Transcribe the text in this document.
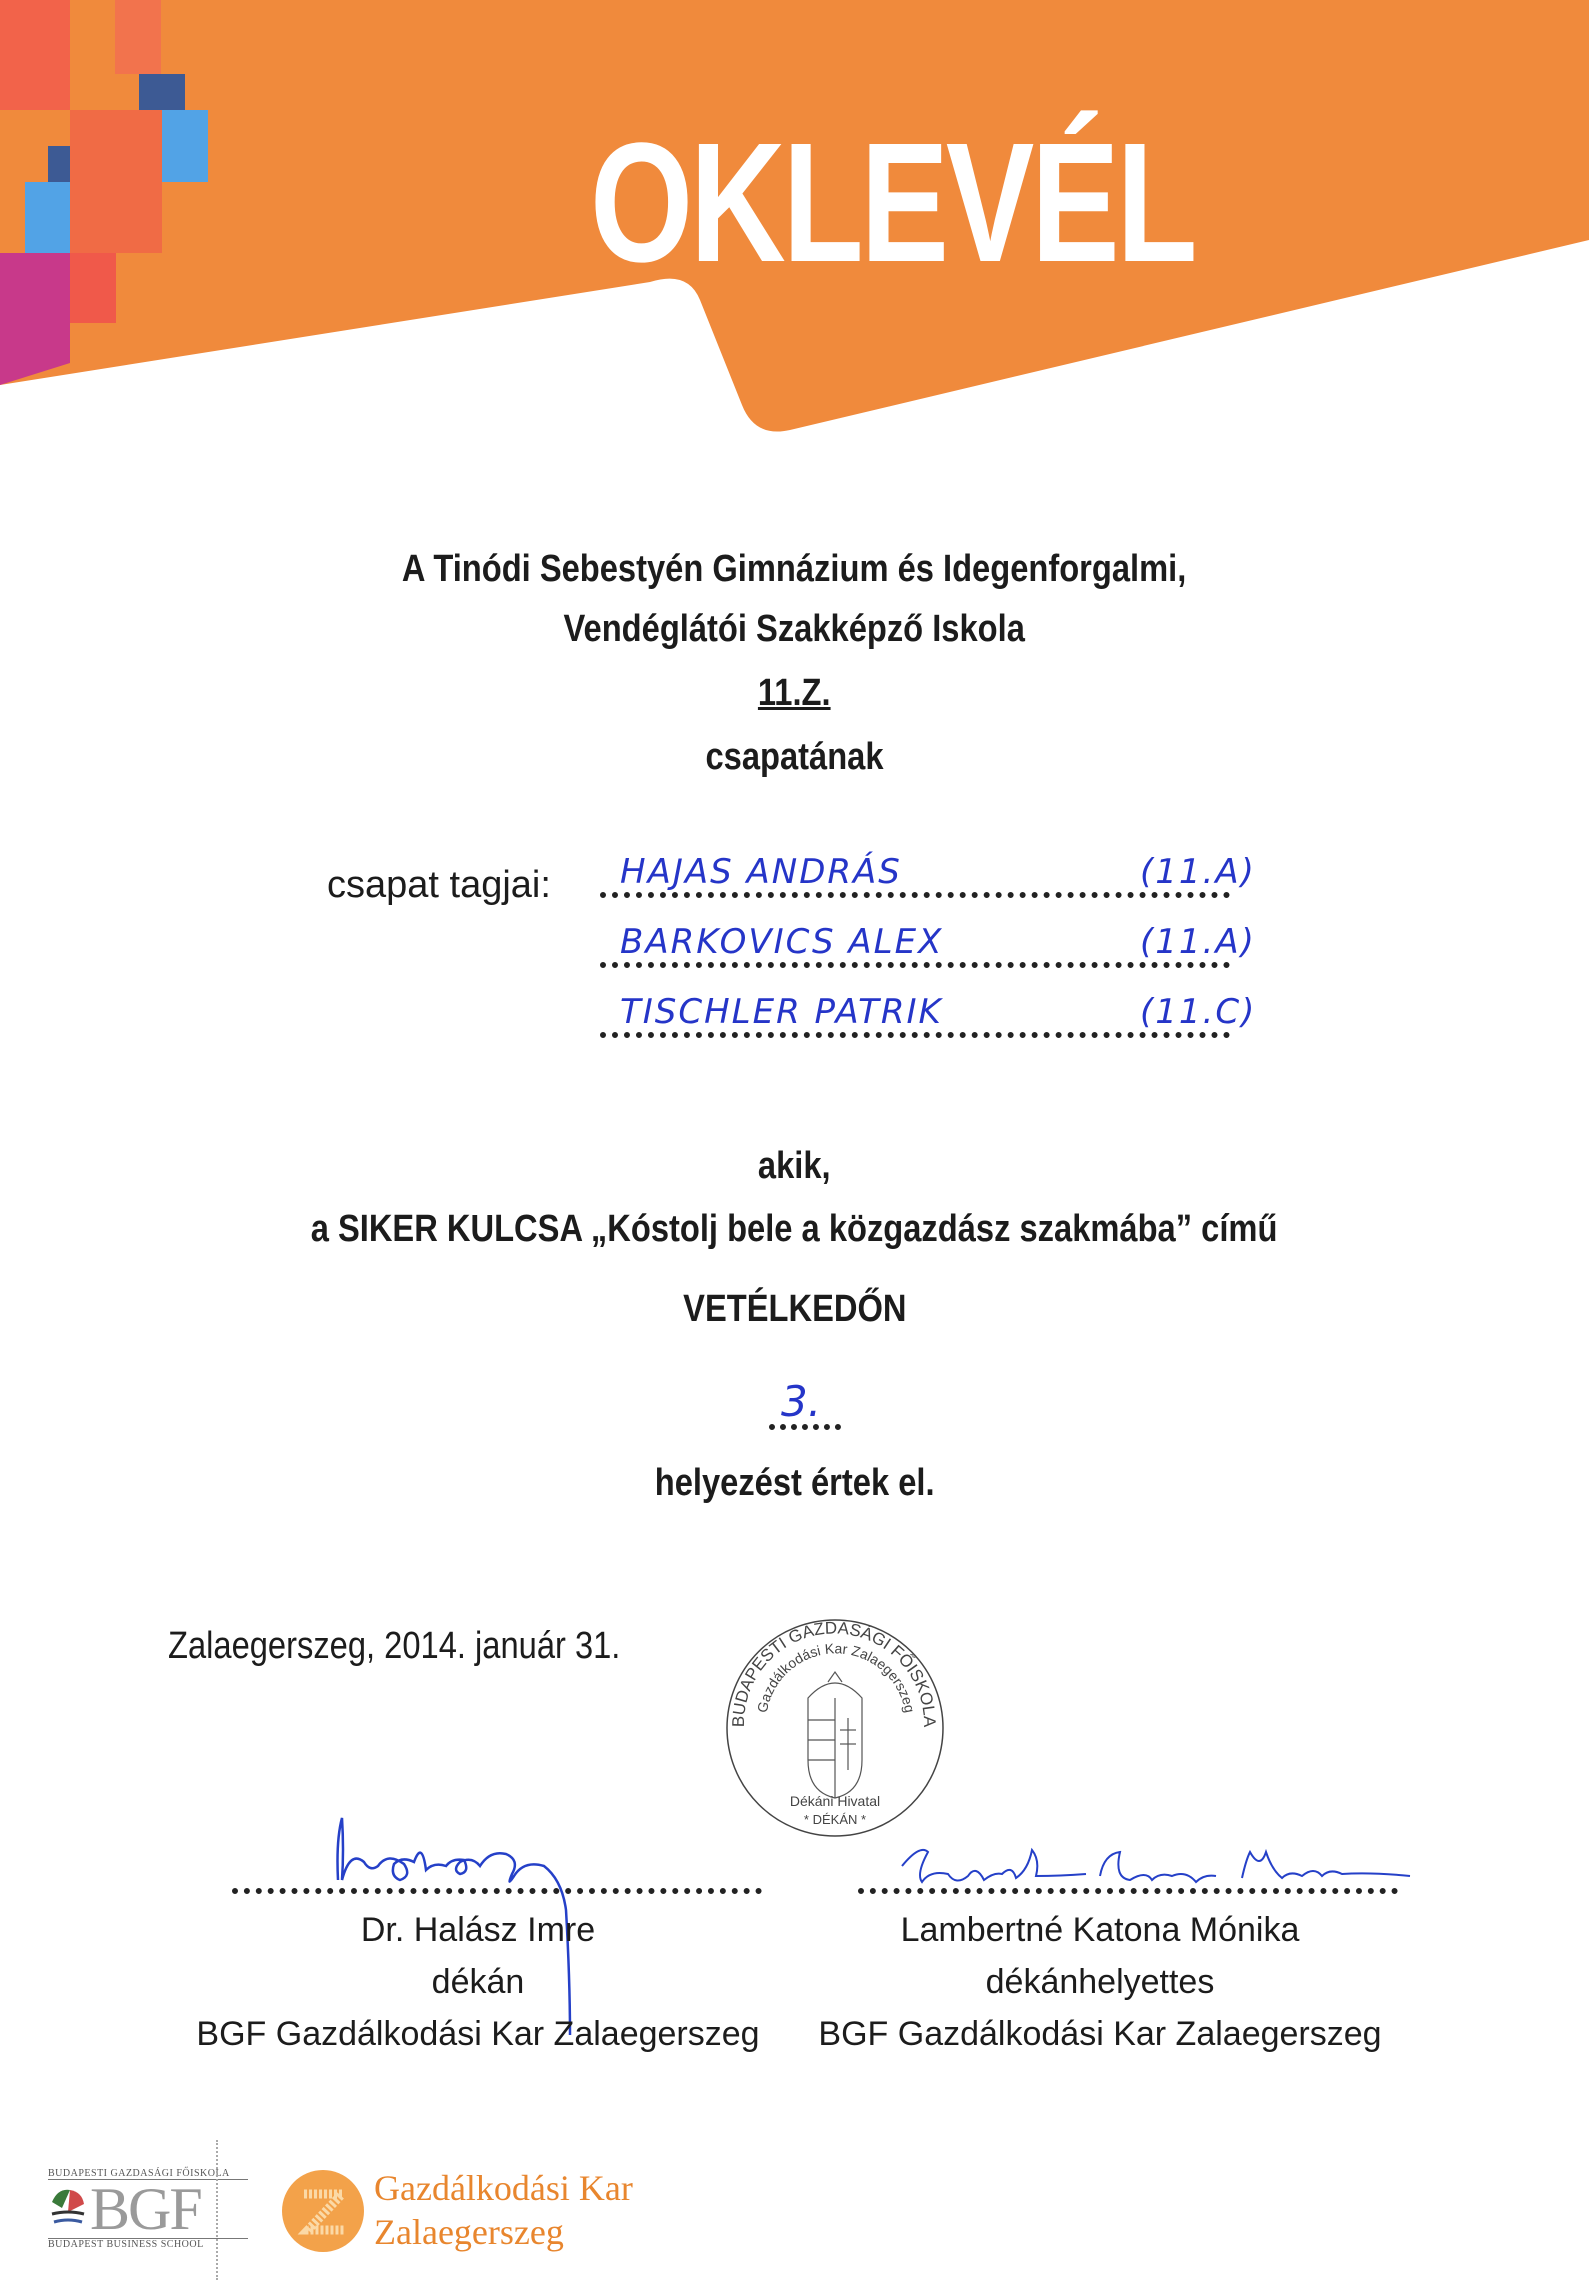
OKLEVÉL
A Tinódi Sebestyén Gimnázium és Idegenforgalmi,
Vendéglátói Szakképző Iskola
11.Z.
csapatának
csapat tagjai: HAJAS ANDRÁS	(11.A)
BARKOVICS ALEX	(11.A)
TISCHLER PATRIK	(11.C)
akik,
a SIKER KULCSA „Kóstolj bele a közgazdász szakmába” című
VETÉLKEDŐN
3.
helyezést értek el.
Zalaegerszeg, 2014. január 31.
BUDAPESTI GAZDASÁGI FŐISKOLA
Gazdálkodási Kar Zalaegerszeg
Dékáni Hivatal
* DÉKÁN *
Dr. Halász Imre
dékán
BGF Gazdálkodási Kar Zalaegerszeg
Lambertné Katona Mónika
dékánhelyettes
BGF Gazdálkodási Kar Zalaegerszeg
BUDAPESTI GAZDASÁGI FŐISKOLA
BGF
BUDAPEST BUSINESS SCHOOL
Gazdálkodási Kar
Zalaegerszeg
